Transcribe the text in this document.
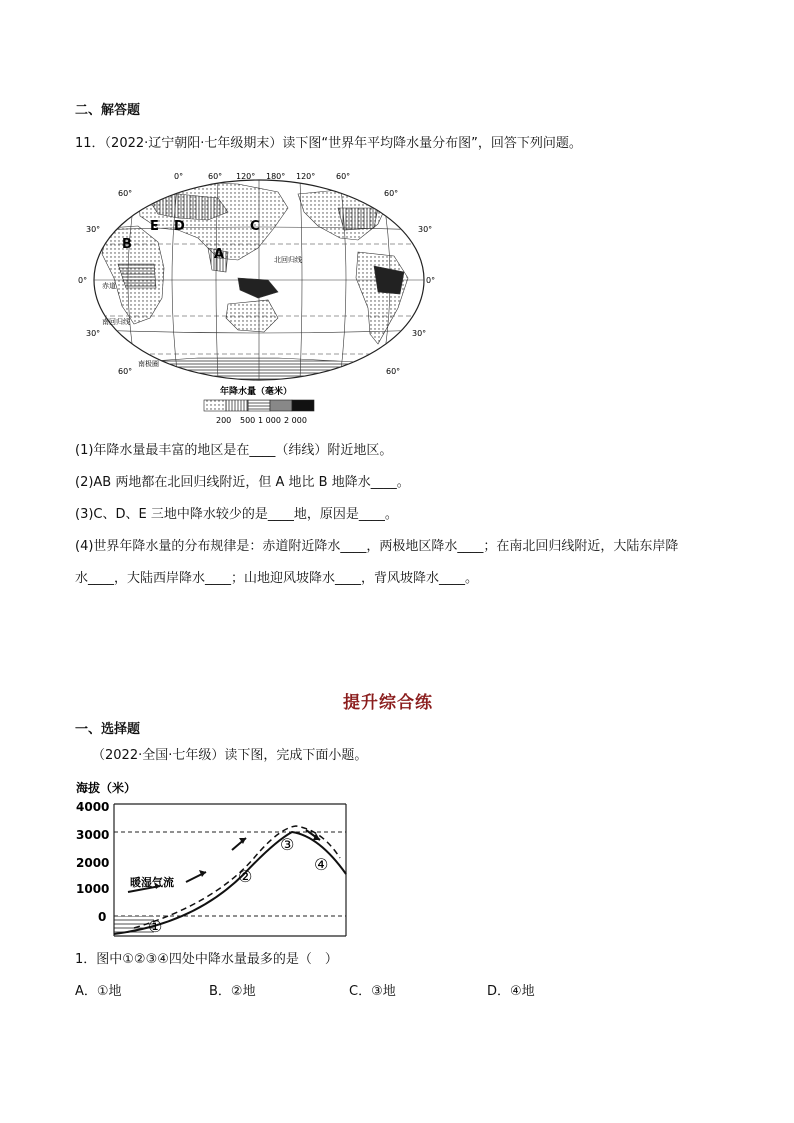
二、解答题
11．（2022·辽宁朝阳·七年级期末）读下图“世界年平均降水量分布图”，回答下列问题。
0°	60° 120° 180° 120°	60°
60°
30°
0°
30°
60°
60°
30°
0°
30°
60°
北回归线
赤道
南回归线
南极圈
B
D
E	C
A
年降水量（毫米）
200 500 1 000 2 000
(1)年降水量最丰富的地区是在____（纬线）附近地区。
(2)AB 两地都在北回归线附近，但 A 地比 B 地降水____。
(3)C、D、E 三地中降水较少的是____地，原因是____。
(4)世界年降水量的分布规律是：赤道附近降水____，两极地区降水____；在南北回归线附近，大陆东岸降
水____，大陆西岸降水____；山地迎风坡降水____，背风坡降水____。
提升综合练
一、选择题
（2022·全国·七年级）读下图，完成下面小题。
海拔（米）
4000
3000
2000
1000
0
暖湿气流
①
②
③
④
1．图中①②③④四处中降水量最多的是（　）
A．①地	B．②地	C．③地	D．④地
